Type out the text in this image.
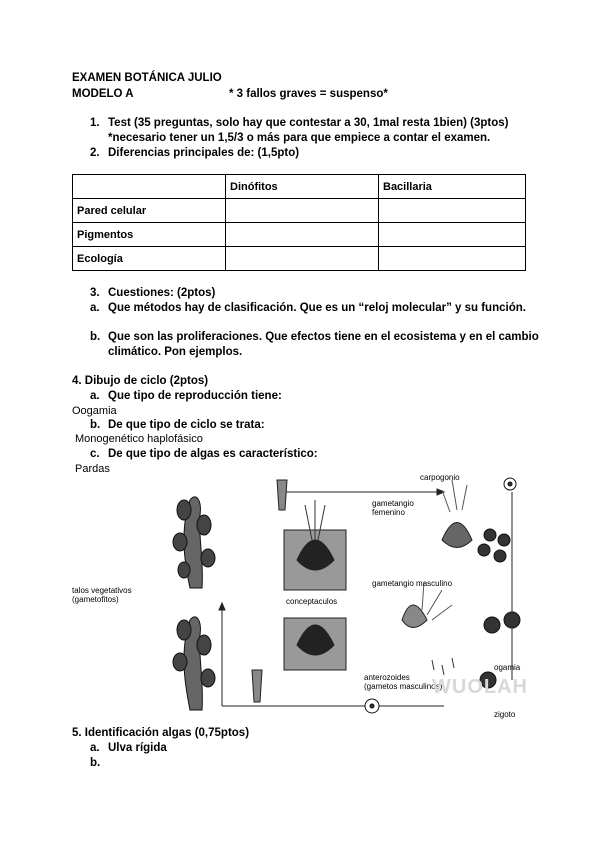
EXAMEN BOTÁNICA JULIO
MODELO A	* 3 fallos graves = suspenso*
1. Test (35 preguntas, solo hay que contestar a 30, 1mal resta 1bien) (3ptos)
*necesario tener un 1,5/3 o más para que empiece a contar el examen.
2. Diferencias principales de: (1,5pto)
	Dinófitos	Bacillaria
Pared celular		
Pigmentos		
Ecología		
3. Cuestiones: (2ptos)
a. Que métodos hay de clasificación. Que es un “reloj molecular” y su función.
b. Que son las proliferaciones. Que efectos tiene en el ecosistema y en el cambio
climático. Pon ejemplos.
4. Dibujo de ciclo (2ptos)
a. Que tipo de reproducción tiene:
Oogamia
b. De que tipo de ciclo se trata:
Monogenético haplofásico
c. De que tipo de algas es característico:
Pardas
carpogonio
gametangio
femenino
talos vegetativos
(gametofitos)	conceptaculos
gametangio masculino
ogamia
anterozoides
(gametos masculinos)
zigoto
WUOLAH
5. Identificación algas (0,75ptos)
a. Ulva rígida
b.
